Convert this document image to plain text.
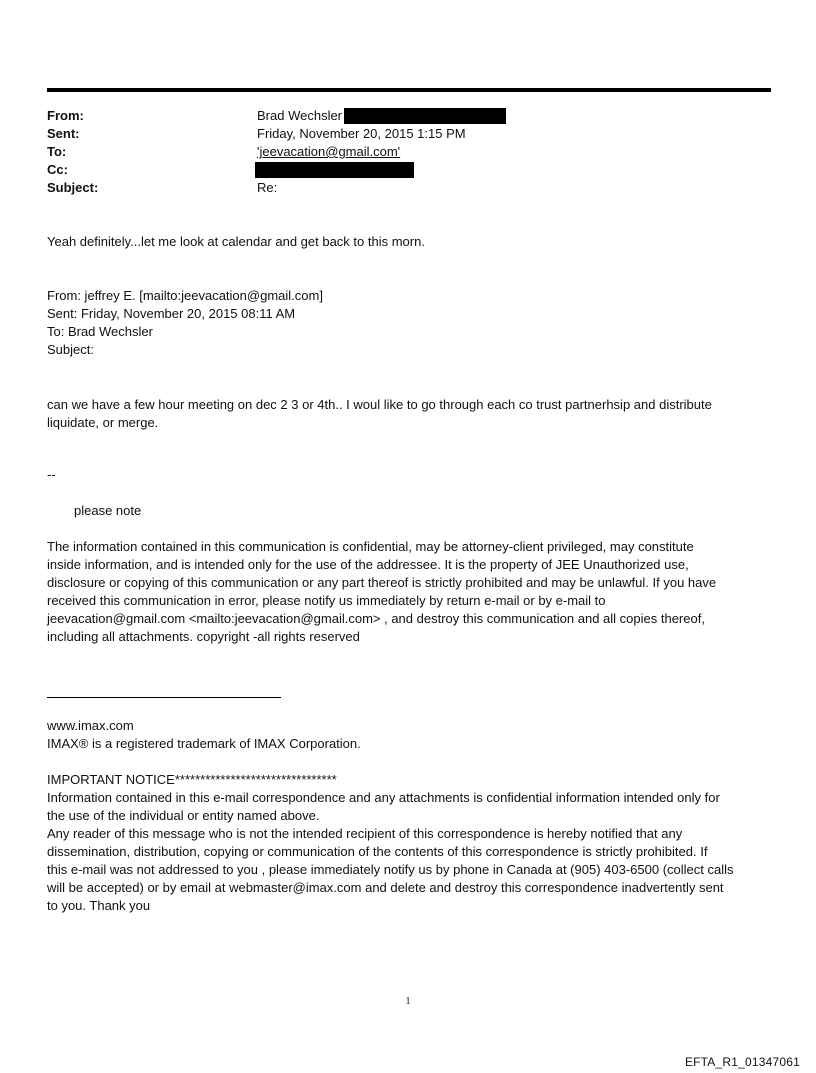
From:	Brad Wechsler
Sent:	Friday, November 20, 2015 1:15 PM
To:	'jeevacation@gmail.com'
Cc:
Subject:	Re:

Yeah definitely...let me look at calendar and get back to this morn.

From: jeffrey E. [mailto:jeevacation@gmail.com]

Sent: Friday, November 20, 2015 08:11 AM

To: Brad Wechsler

Subject:

can we have a few hour meeting on dec 2 3 or 4th.. I woul like to go through each co trust partnerhsip and distribute

liquidate, or merge.

--

please note

The information contained in this communication is confidential, may be attorney-client privileged, may constitute

inside information, and is intended only for the use of the addressee. It is the property of JEE Unauthorized use,

disclosure or copying of this communication or any part thereof is strictly prohibited and may be unlawful. If you have

received this communication in error, please notify us immediately by return e-mail or by e-mail to

jeevacation@gmail.com <mailto:jeevacation@gmail.com> , and destroy this communication and all copies thereof,

including all attachments. copyright -all rights reserved

www.imax.com

IMAX® is a registered trademark of IMAX Corporation.

IMPORTANT NOTICE********************************

Information contained in this e-mail correspondence and any attachments is confidential information intended only for

the use of the individual or entity named above.

Any reader of this message who is not the intended recipient of this correspondence is hereby notified that any

dissemination, distribution, copying or communication of the contents of this correspondence is strictly prohibited. If

this e-mail was not addressed to you , please immediately notify us by phone in Canada at (905) 403-6500 (collect calls

will be accepted) or by email at webmaster@imax.com and delete and destroy this correspondence inadvertently sent

to you. Thank you

1
EFTA_R1_01347061
